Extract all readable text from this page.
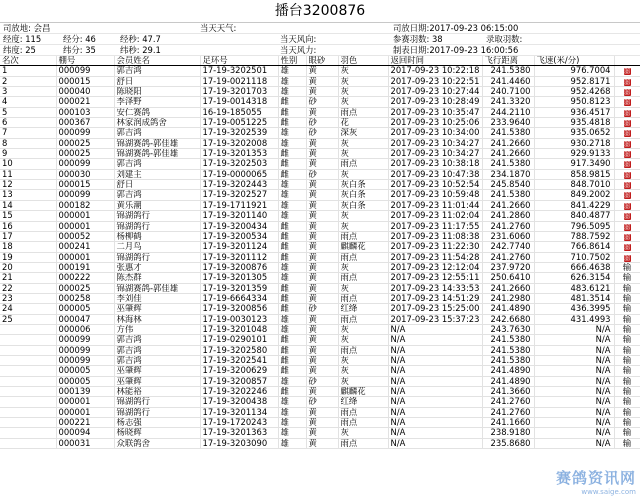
播台3200876
司放地: 会昌	当天天气:	司放日期:2017-09-23 06:15:00
经度: 115	经分: 46	经秒: 47.7	当天风向:	参赛羽数: 38	录取羽数:
纬度: 25	纬分: 35	纬秒: 29.1	当天风力:	制表日期:2017-09-23 16:00:56
名次	棚号	会员姓名	足环号	性别	眼砂	羽色	返回时间	飞行距离	飞速(米/分)	
1	000099	郭吉鸿	17-19-3202501	雄	黄	灰	2017-09-23 10:22:18	241.5380	976.7004	囍
2	000015	舒日	17-19-0021118	雄	黄	灰	2017-09-23 10:22:51	241.4460	952.8171	囍
3	000040	陈晓阳	17-19-3201703	雄	黄	灰	2017-09-23 10:27:44	240.7100	952.4268	囍
4	000021	李泽野	17-19-0014318	雌	砂	灰	2017-09-23 10:28:49	241.3320	950.8123	囍
5	000103	安仁赛鸽	16-19-185055	雌	黄	雨点	2017-09-23 10:35:47	244.2110	936.4517	囍
6	000367	林家润成鸽舍	17-19-0051225	雌	砂	花	2017-09-23 10:25:06	233.9640	935.4818	囍
7	000099	郭吉鸿	17-19-3202539	雄	砂	深灰	2017-09-23 10:34:00	241.5380	935.0652	囍
8	000025	锦湖赛鸽-郭佳雄	17-19-3202008	雄	黄	灰	2017-09-23 10:34:27	241.2660	930.2718	囍
9	000025	锦湖赛鸽-郭佳雄	17-19-3201353	雌	黄	灰	2017-09-23 10:34:27	241.2660	929.9133	囍
10	000099	郭吉鸿	17-19-3202503	雌	黄	雨点	2017-09-23 10:38:18	241.5380	917.3490	囍
11	000030	刘建主	17-19-0000065	雌	砂	灰	2017-09-23 10:47:38	234.1870	858.9815	囍
12	000015	舒日	17-19-3202443	雄	黄	灰白条	2017-09-23 10:52:54	245.8540	848.7010	囍
13	000099	郭吉鸿	17-19-3202527	雄	黄	灰白条	2017-09-23 10:59:48	241.5380	849.2002	囍
14	000182	黄乐潮	17-19-1711921	雄	黄	灰白条	2017-09-23 11:01:44	241.2660	841.4229	囍
15	000001	锦湖鸽行	17-19-3201140	雄	黄	灰	2017-09-23 11:02:04	241.2860	840.4877	囍
16	000001	锦湖鸽行	17-19-3200434	雌	黄	灰	2017-09-23 11:17:55	241.2760	796.5095	囍
17	000052	杨柳鹤	17-19-3200534	雌	黄	雨点	2017-09-23 11:08:38	231.6060	788.7592	囍
18	000241	二月鸟	17-19-3201124	雌	黄	麒麟花	2017-09-23 11:22:30	242.7740	766.8614	囍
19	000001	锦湖鸽行	17-19-3201112	雌	黄	雨点	2017-09-23 11:54:28	241.2760	710.7502	囍
20	000191	张惠才	17-19-3200876	雄	黄	灰	2017-09-23 12:12:04	237.9720	666.4638	输
21	000222	陈杰群	17-19-3201305	雄	黄	雨点	2017-09-23 12:55:11	250.6410	626.3154	输
22	000025	锦湖赛鸽-郭佳雄	17-19-3201359	雌	黄	灰	2017-09-23 14:33:53	241.2660	483.6121	输
23	000258	李刘佳	17-19-6664334	雌	黄	雨点	2017-09-23 14:51:29	241.2980	481.3514	输
24	000005	巫肇辉	17-19-3200856	雌	砂	红绛	2017-09-23 15:25:00	241.4890	436.3995	输
25	000047	林海林	17-19-0030123	雄	黄	雨点	2017-09-23 15:37:23	242.6680	431.4993	输
	000006	方伟	17-19-3201048	雄	黄	灰	N/A	243.7630	N/A	输
	000099	郭吉鸿	17-19-0290101	雌	黄	灰	N/A	241.5380	N/A	输
	000099	郭吉鸿	17-19-3202580	雌	黄	雨点	N/A	241.5380	N/A	输
	000099	郭吉鸿	17-19-3202541	雌	黄	灰	N/A	241.5380	N/A	输
	000005	巫肇辉	17-19-3200629	雌	黄	灰	N/A	241.4890	N/A	输
	000005	巫肇辉	17-19-3200857	雄	砂	灰	N/A	241.4890	N/A	输
	000139	林能裕	17-19-3202246	雌	黄	麒麟花	N/A	241.3660	N/A	输
	000001	锦湖鸽行	17-19-3200438	雄	砂	红绛	N/A	241.2760	N/A	输
	000001	锦湖鸽行	17-19-3201134	雄	黄	雨点	N/A	241.2760	N/A	输
	000221	杨志强	17-19-1720243	雄	黄	雨点	N/A	241.1660	N/A	输
	000094	杨晓辉	17-19-3201363	雄	黄	灰	N/A	238.9180	N/A	输
	000031	众联鸽舍	17-19-3203090	雄	黄	雨点	N/A	235.8680	N/A	输
赛鸽资讯网
www.saige.com
